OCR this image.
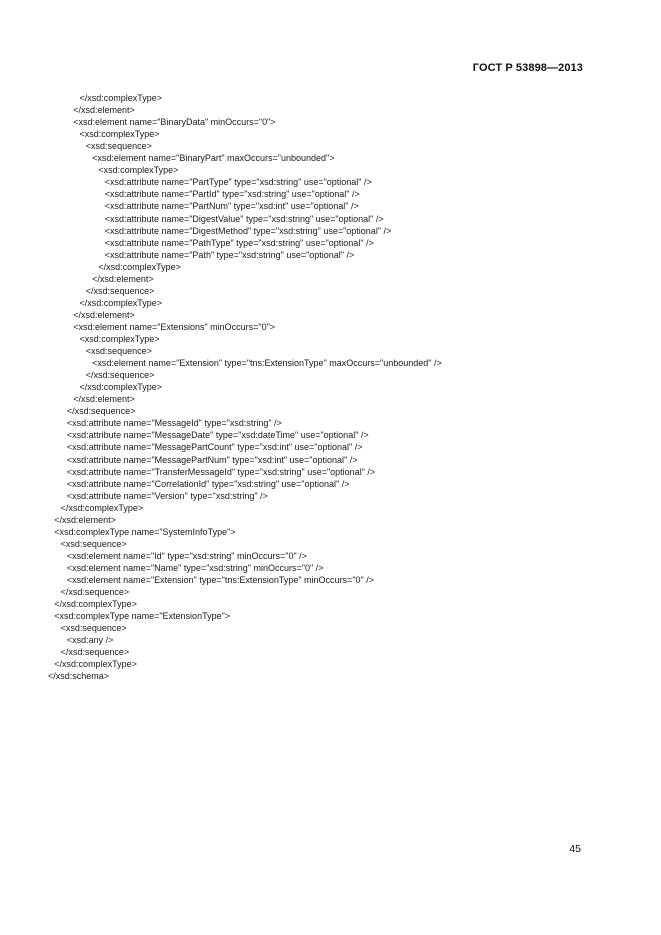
ГОСТ Р 53898—2013
</xsd:complexType>
</xsd:element>
<xsd:element name="BinaryData" minOccurs="0">
<xsd:complexType>
<xsd:sequence>
<xsd:element name="BinaryPart" maxOccurs="unbounded">
<xsd:complexType>
<xsd:attribute name="PartType" type="xsd:string" use="optional" />
<xsd:attribute name="PartId" type="xsd:string" use="optional" />
<xsd:attribute name="PartNum" type="xsd:int" use="optional" />
<xsd:attribute name="DigestValue" type="xsd:string" use="optional" />
<xsd:attribute name="DigestMethod" type="xsd:string" use="optional" />
<xsd:attribute name="PathType" type="xsd:string" use="optional" />
<xsd:attribute name="Path" type="xsd:string" use="optional" />
</xsd:complexType>
</xsd:element>
</xsd:sequence>
</xsd:complexType>
</xsd:element>
<xsd:element name="Extensions" minOccurs="0">
<xsd:complexType>
<xsd:sequence>
<xsd:element name="Extension" type="tns:ExtensionType" maxOccurs="unbounded" />
</xsd:sequence>
</xsd:complexType>
</xsd:element>
</xsd:sequence>
<xsd:attribute name="MessageId" type="xsd:string" />
<xsd:attribute name="MessageDate" type="xsd:dateTime" use="optional" />
<xsd:attribute name="MessagePartCount" type="xsd:int" use="optional" />
<xsd:attribute name="MessagePartNum" type="xsd:int" use="optional" />
<xsd:attribute name="TransferMessageId" type="xsd:string" use="optional" />
<xsd:attribute name="CorrelationId" type="xsd:string" use="optional" />
<xsd:attribute name="Version" type="xsd:string" />
</xsd:complexType>
</xsd:element>
<xsd:complexType name="SystemInfoType">
<xsd:sequence>
<xsd:element name="Id" type="xsd:string" minOccurs="0" />
<xsd:element name="Name" type="xsd:string" minOccurs="0" />
<xsd:element name="Extension" type="tns:ExtensionType" minOccurs="0" />
</xsd:sequence>
</xsd:complexType>
<xsd:complexType name="ExtensionType">
<xsd:sequence>
<xsd:any />
</xsd:sequence>
</xsd:complexType>
</xsd:schema>
45
